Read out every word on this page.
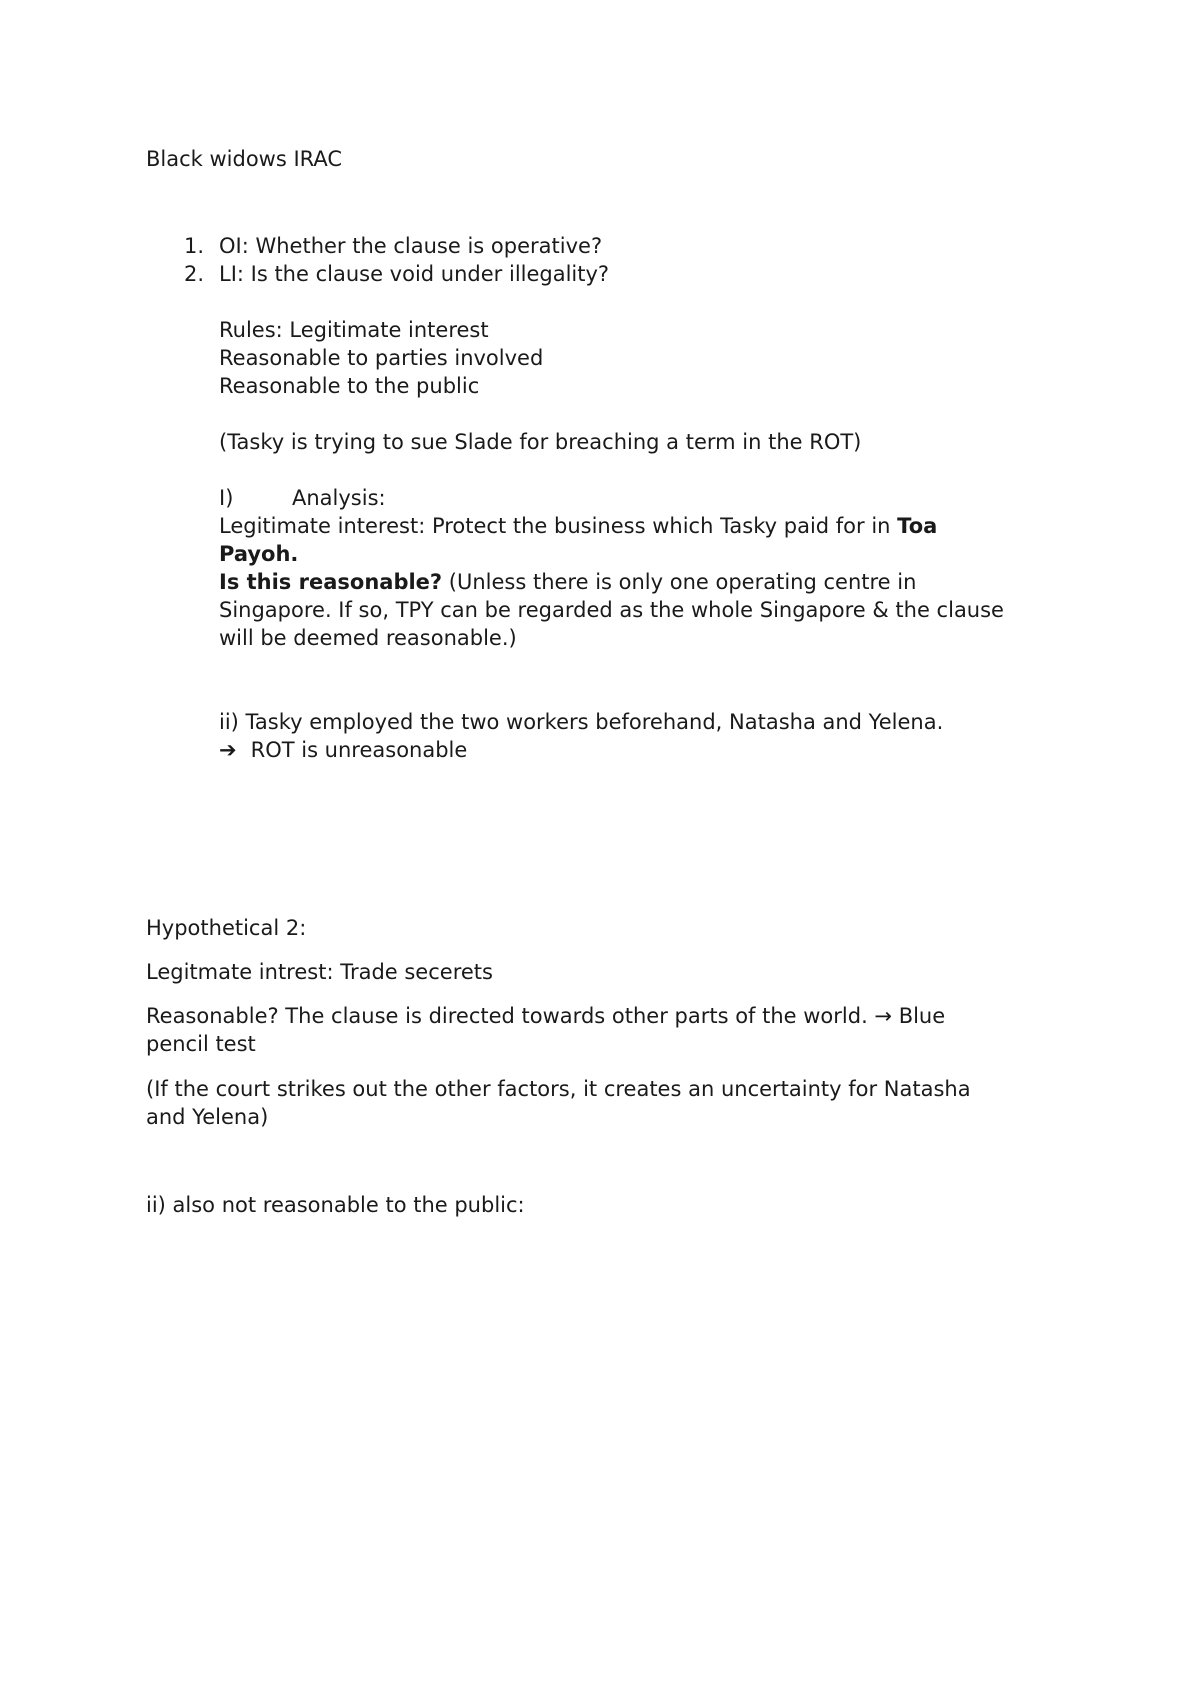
Black widows IRAC
1. OI: Whether the clause is operative?
2. LI: Is the clause void under illegality?
Rules: Legitimate interest
Reasonable to parties involved
Reasonable to the public
(Tasky is trying to sue Slade for breaching a term in the ROT)
I)	Analysis:
Legitimate interest: Protect the business which Tasky paid for in Toa
Payoh.
Is this reasonable? (Unless there is only one operating centre in
Singapore. If so, TPY can be regarded as the whole Singapore & the clause
will be deemed reasonable.)
ii) Tasky employed the two workers beforehand, Natasha and Yelena.
➔ ROT is unreasonable
Hypothetical 2:
Legitmate intrest: Trade secerets
Reasonable? The clause is directed towards other parts of the world. → Blue
pencil test
(If the court strikes out the other factors, it creates an uncertainty for Natasha
and Yelena)
ii) also not reasonable to the public:
